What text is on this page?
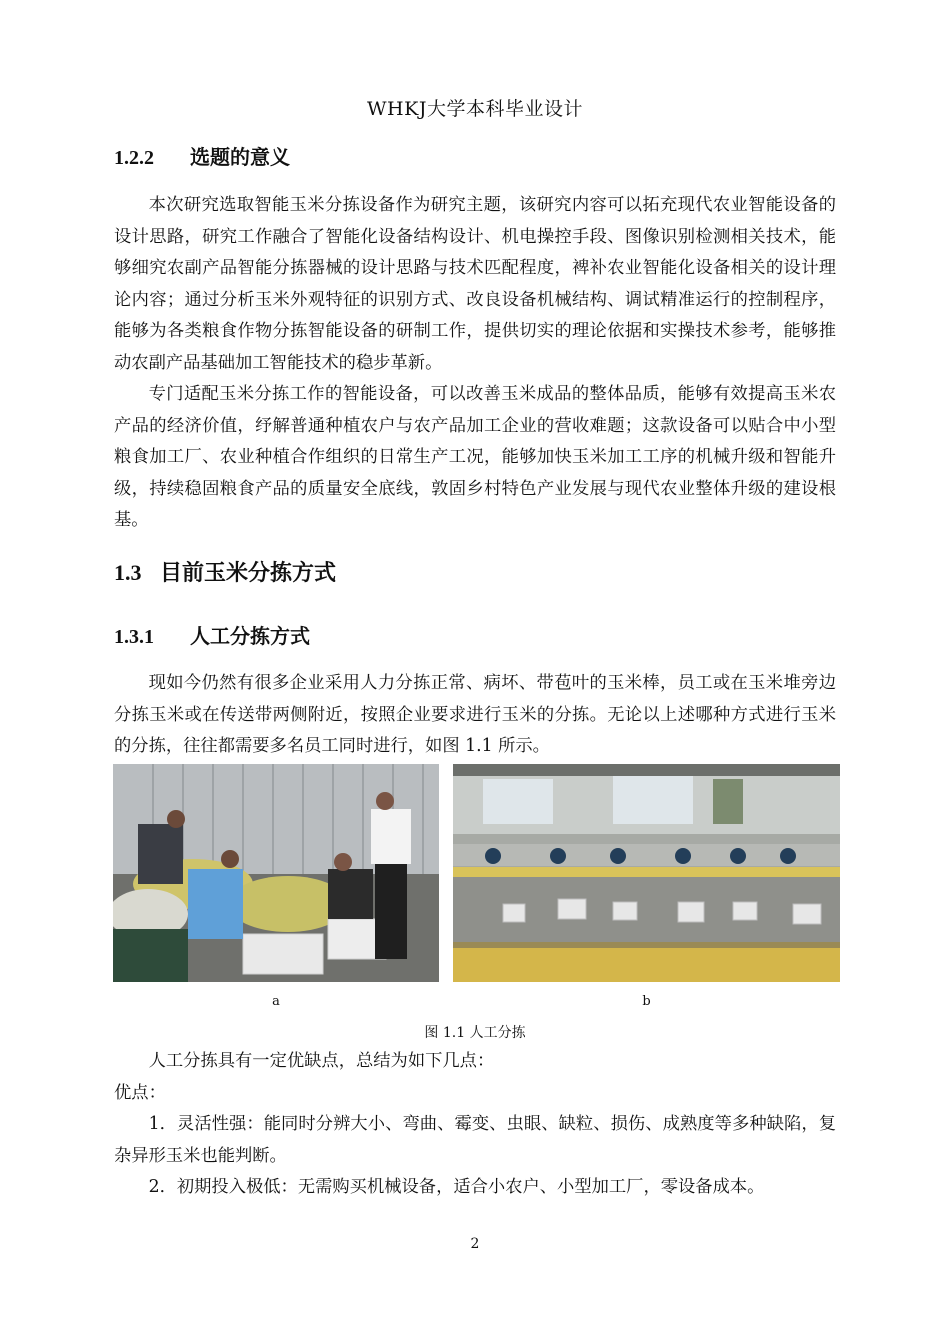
WHKJ大学本科毕业设计
1.2.2 选题的意义

本次研究选取智能玉米分拣设备作为研究主题，该研究内容可以拓充现代农业智能设备的设计思路，研究工作融合了智能化设备结构设计、机电操控手段、图像识别检测相关技术，能够细究农副产品智能分拣器械的设计思路与技术匹配程度，裨补农业智能化设备相关的设计理论内容；通过分析玉米外观特征的识别方式、改良设备机械结构、调试精准运行的控制程序，能够为各类粮食作物分拣智能设备的研制工作，提供切实的理论依据和实操技术参考，能够推动农副产品基础加工智能技术的稳步革新。

专门适配玉米分拣工作的智能设备，可以改善玉米成品的整体品质，能够有效提高玉米农产品的经济价值，纾解普通种植农户与农产品加工企业的营收难题；这款设备可以贴合中小型粮食加工厂、农业种植合作组织的日常生产工况，能够加快玉米加工工序的机械升级和智能升级，持续稳固粮食产品的质量安全底线，敦固乡村特色产业发展与现代农业整体升级的建设根基。

1.3 目前玉米分拣方式
1.3.1 人工分拣方式

现如今仍然有很多企业采用人力分拣正常、病坏、带苞叶的玉米棒，员工或在玉米堆旁边分拣玉米或在传送带两侧附近，按照企业要求进行玉米的分拣。无论以上述哪种方式进行玉米的分拣，往往都需要多名员工同时进行，如图 1.1 所示。

a	b
图 1.1 人工分拣

人工分拣具有一定优缺点，总结为如下几点：

优点：

1．灵活性强：能同时分辨大小、弯曲、霉变、虫眼、缺粒、损伤、成熟度等多种缺陷，复杂异形玉米也能判断。

2．初期投入极低：无需购买机械设备，适合小农户、小型加工厂，零设备成本。

2
